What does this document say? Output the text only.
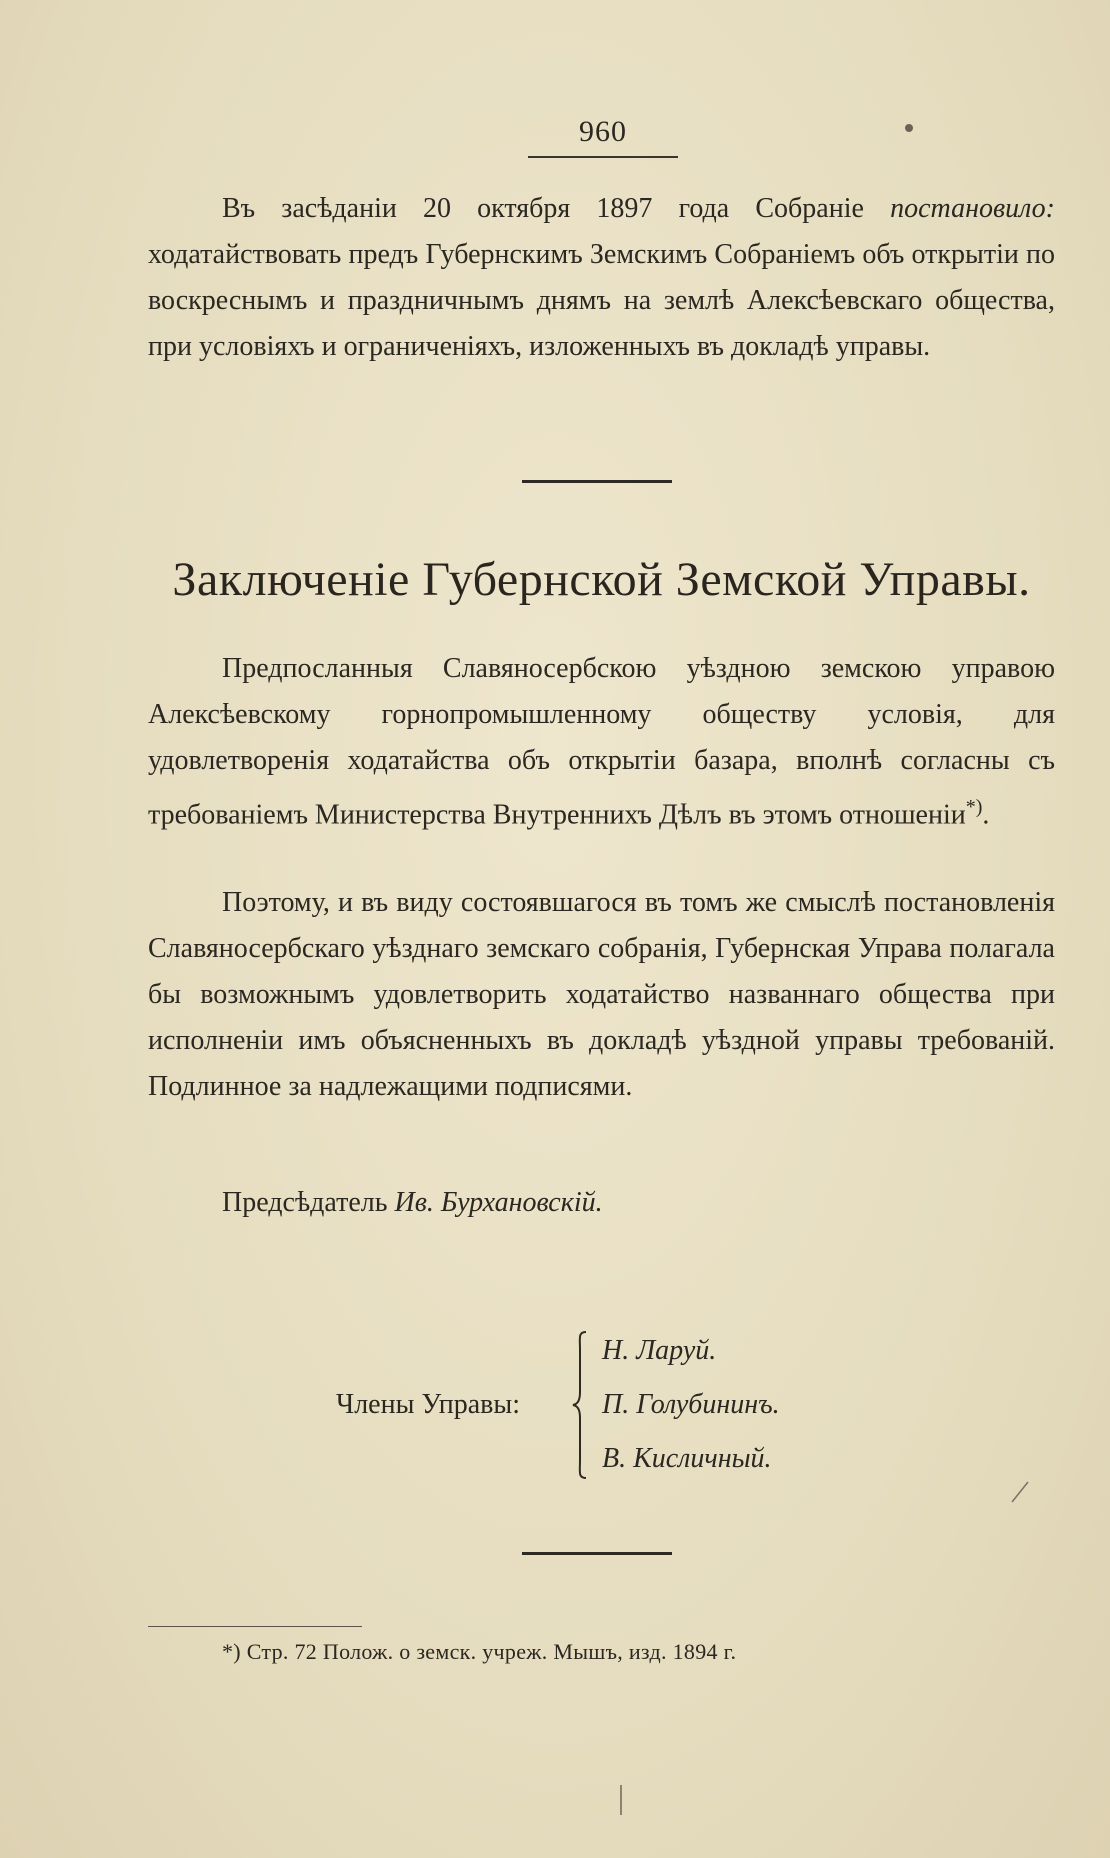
960
Въ засѣданіи 20 октября 1897 года Собраніе постановило: ходатайствовать предъ Губернскимъ Земскимъ Собраніемъ объ открытіи по воскреснымъ и праздничнымъ днямъ на землѣ Алексѣевскаго общества, при условіяхъ и ограниченіяхъ, изложенныхъ въ докладѣ управы.
Заключеніе Губернской Земской Управы.
Предпосланныя Славяносербскою уѣздною земскою управою Алексѣевскому горнопромышленному обществу условія, для удовлетворенія ходатайства объ открытіи базара, вполнѣ согласны съ требованіемъ Министерства Внутреннихъ Дѣлъ въ этомъ отношеніи*).
Поэтому, и въ виду состоявшагося въ томъ же смыслѣ постановленія Славяносербскаго уѣзднаго земскаго собранія, Губернская Управа полагала бы возможнымъ удовлетворить ходатайство названнаго общества при исполненіи имъ объясненныхъ въ докладѣ уѣздной управы требованій. Подлинное за надлежащими подписями.
Предсѣдатель Ив. Бурхановскій.
Члены Управы:
Н. Ларуй.
П. Голубининъ.
В. Кисличный.
*) Стр. 72 Полож. о земск. учреж. Мышъ, изд. 1894 г.
